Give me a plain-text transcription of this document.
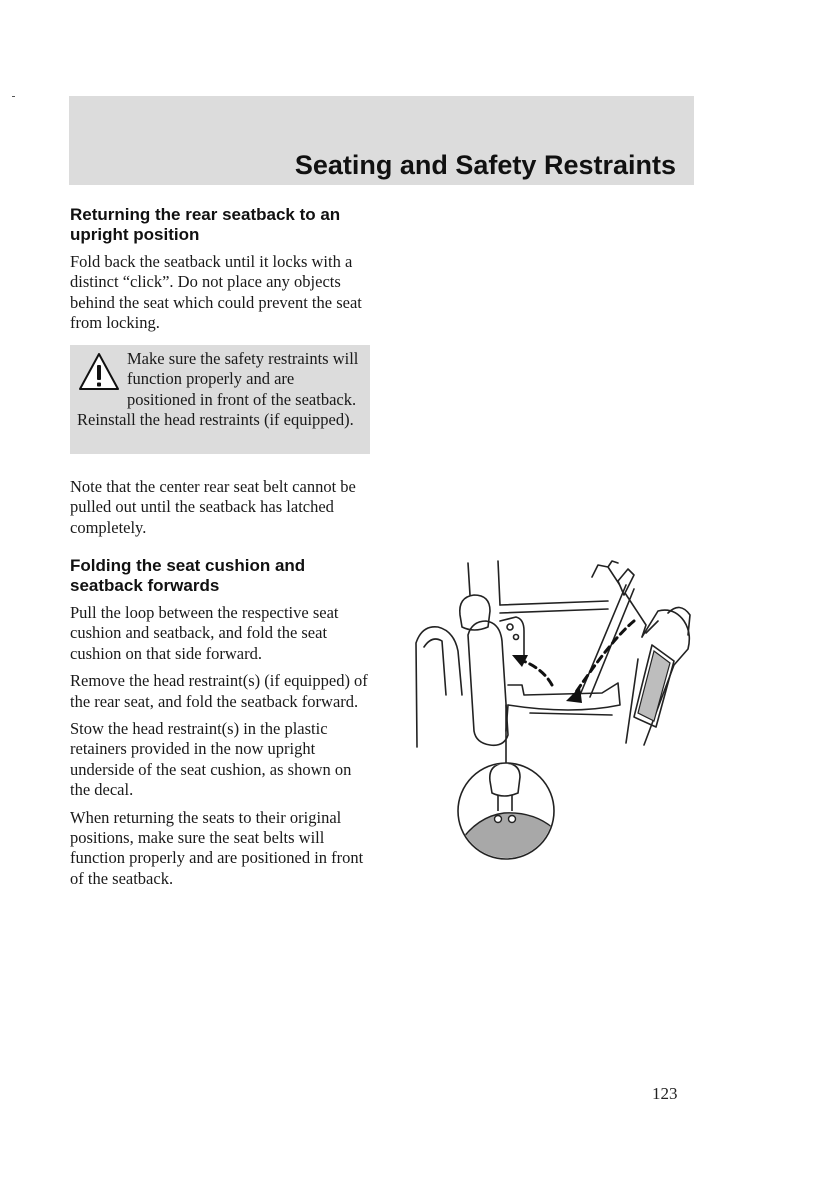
Seating and Safety Restraints
Returning the rear seatback to an upright position

Fold back the seatback until it locks with a distinct “click”. Do not place any objects behind the seat which could prevent the seat from locking.

Make sure the safety restraints will function properly and are positioned in front of the seatback. Reinstall the head restraints (if equipped).

Note that the center rear seat belt cannot be pulled out until the seatback has latched completely.

Folding the seat cushion and seatback forwards

Pull the loop between the respective seat cushion and seatback, and fold the seat cushion on that side forward.

Remove the head restraint(s) (if equipped) of the rear seat, and fold the seatback forward.

Stow the head restraint(s) in the plastic retainers provided in the now upright underside of the seat cushion, as shown on the decal.

When returning the seats to their original positions, make sure the seat belts will function properly and are positioned in front of the seatback.

123
